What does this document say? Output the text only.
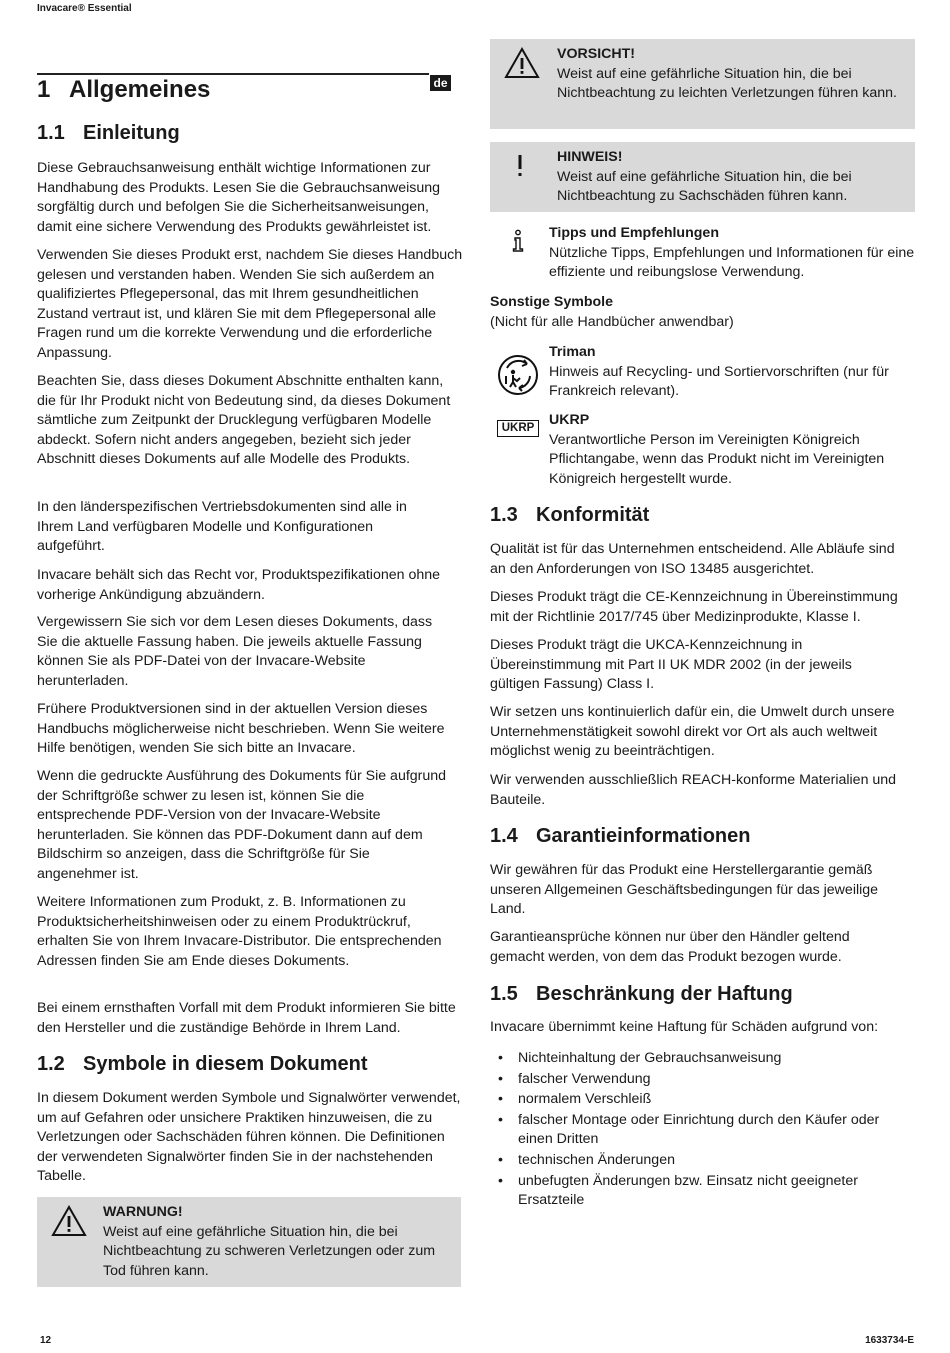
Invacare® Essential
12	1633734-E
de
1 Allgemeines
1.1 Einleitung

Diese Gebrauchsanweisung enthält wichtige Informationen zur Handhabung des Produkts. Lesen Sie die Gebrauchsanweisung sorgfältig durch und befolgen Sie die Sicherheitsanweisungen, damit eine sichere Verwendung des Produkts gewährleistet ist.

Verwenden Sie dieses Produkt erst, nachdem Sie dieses Handbuch gelesen und verstanden haben. Wenden Sie sich außerdem an qualifiziertes Pflegepersonal, das mit Ihrem gesundheitlichen Zustand vertraut ist, und klären Sie mit dem Pflegepersonal alle Fragen rund um die korrekte Verwendung und die erforderliche Anpassung.

Beachten Sie, dass dieses Dokument Abschnitte enthalten kann, die für Ihr Produkt nicht von Bedeutung sind, da dieses Dokument sämtliche zum Zeitpunkt der Drucklegung verfügbaren Modelle abdeckt. Sofern nicht anders angegeben, bezieht sich jeder Abschnitt dieses Dokuments auf alle Modelle des Produkts.

In den länderspezifischen Vertriebsdokumenten sind alle in Ihrem Land verfügbaren Modelle und Konfigurationen aufgeführt.

Invacare behält sich das Recht vor, Produktspezifikationen ohne vorherige Ankündigung abzuändern.

Vergewissern Sie sich vor dem Lesen dieses Dokuments, dass Sie die aktuelle Fassung haben. Die jeweils aktuelle Fassung können Sie als PDF-Datei von der Invacare-Website herunterladen.

Frühere Produktversionen sind in der aktuellen Version dieses Handbuchs möglicherweise nicht beschrieben. Wenn Sie weitere Hilfe benötigen, wenden Sie sich bitte an Invacare.

Wenn die gedruckte Ausführung des Dokuments für Sie aufgrund der Schriftgröße schwer zu lesen ist, können Sie die entsprechende PDF-Version von der Invacare-Website herunterladen. Sie können das PDF-Dokument dann auf dem Bildschirm so anzeigen, dass die Schriftgröße für Sie angenehmer ist.

Weitere Informationen zum Produkt, z. B. Informationen zu Produktsicherheitshinweisen oder zu einem Produktrückruf, erhalten Sie von Ihrem Invacare-Distributor. Die entsprechenden Adressen finden Sie am Ende dieses Dokuments.

Bei einem ernsthaften Vorfall mit dem Produkt informieren Sie bitte den Hersteller und die zuständige Behörde in Ihrem Land.

1.2 Symbole in diesem Dokument

In diesem Dokument werden Symbole und Signalwörter verwendet, um auf Gefahren oder unsichere Praktiken hinzuweisen, die zu Verletzungen oder Sachschäden führen können. Die Definitionen der verwendeten Signalwörter finden Sie in der nachstehenden Tabelle.

WARNUNG!
Weist auf eine gefährliche Situation hin, die bei Nichtbeachtung zu schweren Verletzungen oder zum Tod führen kann.
VORSICHT!
Weist auf eine gefährliche Situation hin, die bei Nichtbeachtung zu leichten Verletzungen führen kann.
HINWEIS!
Weist auf eine gefährliche Situation hin, die bei Nichtbeachtung zu Sachschäden führen kann.

Tipps und Empfehlungen

Nützliche Tipps, Empfehlungen und Informationen für eine effiziente und reibungslose Verwendung.

Sonstige Symbole

(Nicht für alle Handbücher anwendbar)

Triman

Hinweis auf Recycling- und Sortiervorschriften (nur für Frankreich relevant).

UKRP	UKRP

Verantwortliche Person im Vereinigten Königreich Pflichtangabe, wenn das Produkt nicht im Vereinigten Königreich hergestellt wurde.

1.3 Konformität

Qualität ist für das Unternehmen entscheidend. Alle Abläufe sind an den Anforderungen von ISO 13485 ausgerichtet.

Dieses Produkt trägt die CE-Kennzeichnung in Übereinstimmung mit der Richtlinie 2017/745 über Medizinprodukte, Klasse I.

Dieses Produkt trägt die UKCA-Kennzeichnung in Übereinstimmung mit Part II UK MDR 2002 (in der jeweils gültigen Fassung) Class I.

Wir setzen uns kontinuierlich dafür ein, die Umwelt durch unsere Unternehmenstätigkeit sowohl direkt vor Ort als auch weltweit möglichst wenig zu beeinträchtigen.

Wir verwenden ausschließlich REACH-konforme Materialien und Bauteile.

1.4 Garantieinformationen

Wir gewähren für das Produkt eine Herstellergarantie gemäß unseren Allgemeinen Geschäftsbedingungen für das jeweilige Land.

Garantieansprüche können nur über den Händler geltend gemacht werden, von dem das Produkt bezogen wurde.

1.5 Beschränkung der Haftung

Invacare übernimmt keine Haftung für Schäden aufgrund von:

• Nichteinhaltung der Gebrauchsanweisung
• falscher Verwendung
• normalem Verschleiß
• falscher Montage oder Einrichtung durch den Käufer oder einen Dritten
• technischen Änderungen
• unbefugten Änderungen bzw. Einsatz nicht geeigneter Ersatzteile
